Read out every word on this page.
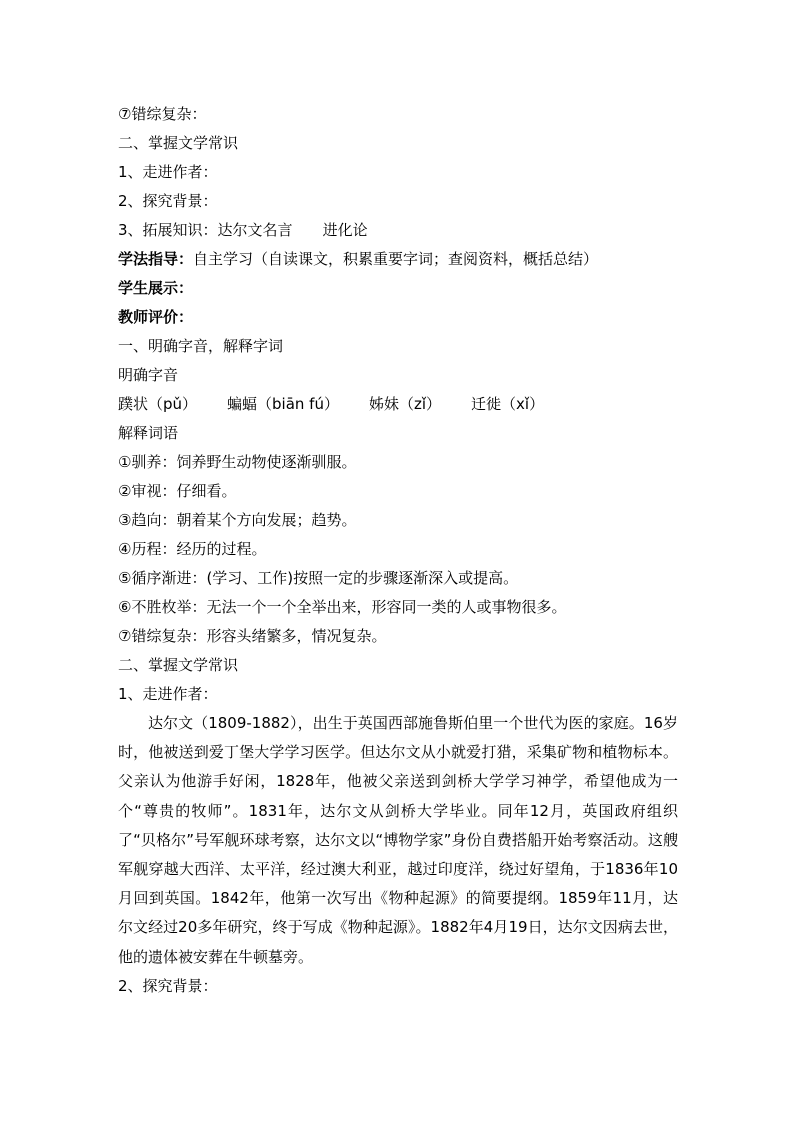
⑦错综复杂：
二、掌握文学常识
1、走进作者：
2、探究背景：
3、拓展知识：达尔文名言 进化论
学法指导：自主学习（自读课文，积累重要字词；查阅资料，概括总结）
学生展示：
教师评价：
一、明确字音，解释字词
明确字音
蹼状（pǔ） 蝙蝠（biān fú） 姊妹（zǐ） 迁徙（xǐ）
解释词语
①驯养：饲养野生动物使逐渐驯服。
②审视：仔细看。
③趋向：朝着某个方向发展；趋势。
④历程：经历的过程。
⑤循序渐进：(学习、工作)按照一定的步骤逐渐深入或提高。
⑥不胜枚举：无法一个一个全举出来，形容同一类的人或事物很多。
⑦错综复杂：形容头绪繁多，情况复杂。
二、掌握文学常识
1、走进作者：

达尔文（1809-1882），出生于英国西部施鲁斯伯里一个世代为医的家庭。16岁时，他被送到爱丁堡大学学习医学。但达尔文从小就爱打猎，采集矿物和植物标本。父亲认为他游手好闲，1828年，他被父亲送到剑桥大学学习神学，希望他成为一个“尊贵的牧师”。1831年，达尔文从剑桥大学毕业。同年12月，英国政府组织了“贝格尔”号军舰环球考察，达尔文以“博物学家”身份自费搭船开始考察活动。这艘军舰穿越大西洋、太平洋，经过澳大利亚，越过印度洋，绕过好望角，于1836年10月回到英国。1842年，他第一次写出《物种起源》的简要提纲。1859年11月，达尔文经过20多年研究，终于写成《物种起源》。1882年4月19日，达尔文因病去世，他的遗体被安葬在牛顿墓旁。

2、探究背景：
